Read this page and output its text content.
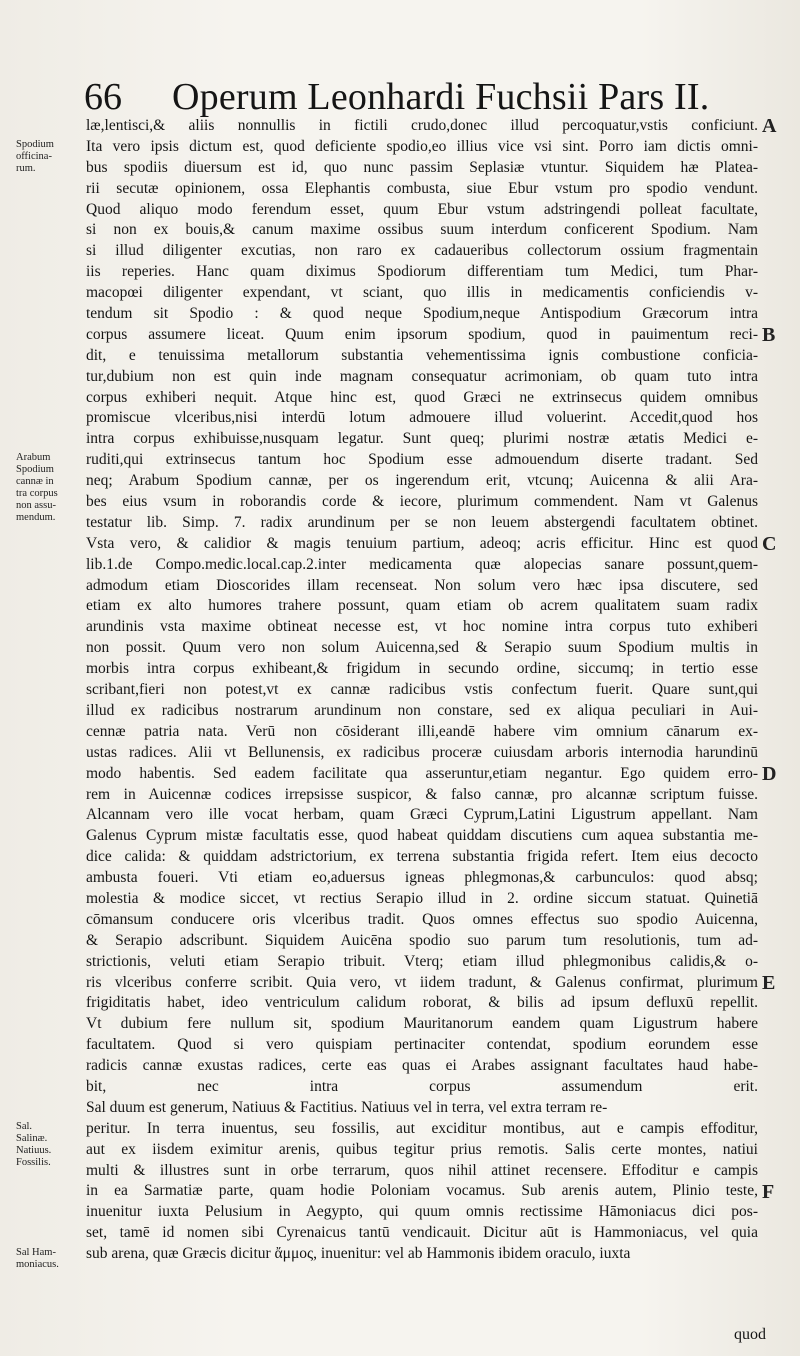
66 Operum Leonhardi Fuchsii Pars II.
læ,lentisci,& aliis nonnullis in fictili crudo,donec illud percoquatur,vstis conficiunt.
Ita vero ipsis dictum est, quod deficiente spodio,eo illius vice vsi sint. Porro iam dictis omni-
bus spodiis diuersum est id, quo nunc passim Seplasiæ vtuntur. Siquidem hæ Platea-
rii secutæ opinionem, ossa Elephantis combusta, siue Ebur vstum pro spodio vendunt.
Quod aliquo modo ferendum esset, quum Ebur vstum adstringendi polleat facultate,
si non ex bouis,& canum maxime ossibus suum interdum conficerent Spodium. Nam
si illud diligenter excutias, non raro ex cadaueribus collectorum ossium fragmentain
iis reperies. Hanc quam diximus Spodiorum differentiam tum Medici, tum Phar-
macopœi diligenter expendant, vt sciant, quo illis in medicamentis conficiendis v-
tendum sit Spodio : & quod neque Spodium,neque Antispodium Græcorum intra
corpus assumere liceat. Quum enim ipsorum spodium, quod in pauimentum reci-
dit, e tenuissima metallorum substantia vehementissima ignis combustione conficia-
tur,dubium non est quin inde magnam consequatur acrimoniam, ob quam tuto intra
corpus exhiberi nequit. Atque hinc est, quod Græci ne extrinsecus quidem omnibus
promiscue vlceribus,nisi interdū lotum admouere illud voluerint. Accedit,quod hos
intra corpus exhibuisse,nusquam legatur. Sunt queq; plurimi nostræ ætatis Medici e-
ruditi,qui extrinsecus tantum hoc Spodium esse admouendum diserte tradant. Sed
neq; Arabum Spodium cannæ, per os ingerendum erit, vtcunq; Auicenna & alii Ara-
bes eius vsum in roborandis corde & iecore, plurimum commendent. Nam vt Galenus
testatur lib. Simp. 7. radix arundinum per se non leuem abstergendi facultatem obtinet.
Vsta vero, & calidior & magis tenuium partium, adeoq; acris efficitur. Hinc est quod
lib.1.de Compo.medic.local.cap.2.inter medicamenta quæ alopecias sanare possunt,quem-
admodum etiam Dioscorides illam recenseat. Non solum vero hæc ipsa discutere, sed
etiam ex alto humores trahere possunt, quam etiam ob acrem qualitatem suam radix
arundinis vsta maxime obtineat necesse est, vt hoc nomine intra corpus tuto exhiberi
non possit. Quum vero non solum Auicenna,sed & Serapio suum Spodium multis in
morbis intra corpus exhibeant,& frigidum in secundo ordine, siccumq; in tertio esse
scribant,fieri non potest,vt ex cannæ radicibus vstis confectum fuerit. Quare sunt,qui
illud ex radicibus nostrarum arundinum non constare, sed ex aliqua peculiari in Aui-
cennæ patria nata. Verū non cōsiderant illi,eandē habere vim omnium cānarum ex-
ustas radices. Alii vt Bellunensis, ex radicibus proceræ cuiusdam arboris internodia harundinū
modo habentis. Sed eadem facilitate qua asseruntur,etiam negantur. Ego quidem erro-
rem in Auicennæ codices irrepsisse suspicor, & falso cannæ, pro alcannæ scriptum fuisse.
Alcannam vero ille vocat herbam, quam Græci Cyprum,Latini Ligustrum appellant. Nam
Galenus Cyprum mistæ facultatis esse, quod habeat quiddam discutiens cum aquea substantia me-
dice calida: & quiddam adstrictorium, ex terrena substantia frigida refert. Item eius decocto
ambusta foueri. Vti etiam eo,aduersus igneas phlegmonas,& carbunculos: quod absq;
molestia & modice siccet, vt rectius Serapio illud in 2. ordine siccum statuat. Quinetiā
cōmansum conducere oris vlceribus tradit. Quos omnes effectus suo spodio Auicenna,
& Serapio adscribunt. Siquidem Auicēna spodio suo parum tum resolutionis, tum ad-
strictionis, veluti etiam Serapio tribuit. Vterq; etiam illud phlegmonibus calidis,& o-
ris vlceribus conferre scribit. Quia vero, vt iidem tradunt, & Galenus confirmat, plurimum
frigiditatis habet, ideo ventriculum calidum roborat, & bilis ad ipsum defluxū repellit.
Vt dubium fere nullum sit, spodium Mauritanorum eandem quam Ligustrum habere
facultatem. Quod si vero quispiam pertinaciter contendat, spodium eorundem esse
radicis cannæ exustas radices, certe eas quas ei Arabes assignant facultates haud habe-
bit, nec intra corpus assumendum erit.
Sal duum est generum, Natiuus & Factitius. Natiuus vel in terra, vel extra terram re-
peritur. In terra inuentus, seu fossilis, aut exciditur montibus, aut e campis effoditur,
aut ex iisdem eximitur arenis, quibus tegitur prius remotis. Salis certe montes, natiui
multi & illustres sunt in orbe terrarum, quos nihil attinet recensere. Effoditur e campis
in ea Sarmatiæ parte, quam hodie Poloniam vocamus. Sub arenis autem, Plinio teste,
inuenitur iuxta Pelusium in Aegypto, qui quum omnis rectissime Hāmoniacus dici pos-
set, tamē id nomen sibi Cyrenaicus tantū vendicauit. Dicitur aūt is Hammoniacus, vel quia
sub arena, quæ Græcis dicitur ἄμμος, inuenitur: vel ab Hammonis ibidem oraculo, iuxta
Spodium
officina-
rum.
Arabum
Spodium
cannæ in
tra corpus
non assu-
mendum.
Sal.
Salinæ.
Natiuus.
Fossilis.
Sal Ham-
moniacus.
A
B
C
D
E
F
quod
